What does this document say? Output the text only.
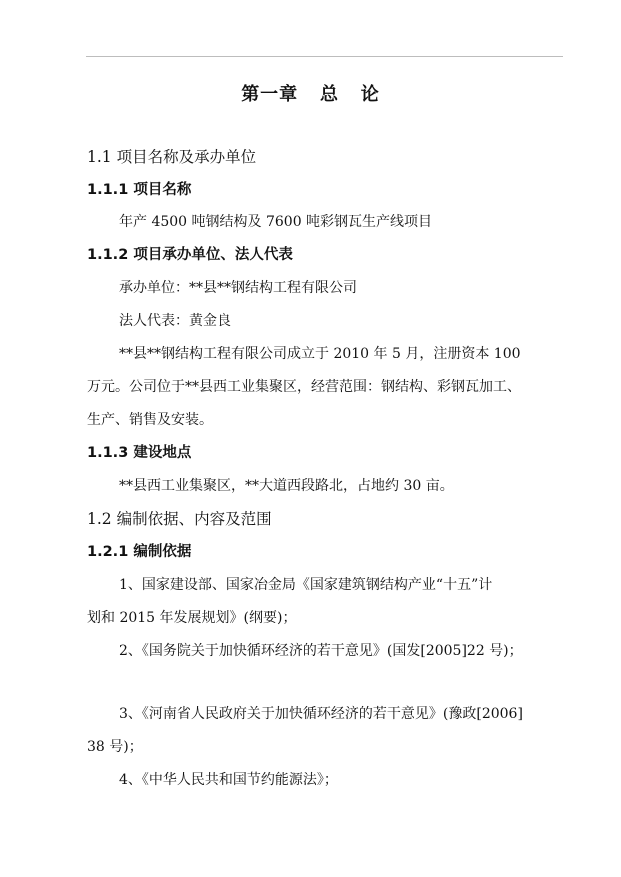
第一章   总   论
1.1 项目名称及承办单位
1.1.1 项目名称
年产 4500 吨钢结构及 7600 吨彩钢瓦生产线项目
1.1.2 项目承办单位、法人代表
承办单位：**县**钢结构工程有限公司
法人代表：黄金良
**县**钢结构工程有限公司成立于 2010 年 5 月，注册资本 100
万元。公司位于**县西工业集聚区，经营范围：钢结构、彩钢瓦加工、
生产、销售及安装。
1.1.3 建设地点
**县西工业集聚区，**大道西段路北，占地约 30 亩。
1.2 编制依据、内容及范围
1.2.1 编制依据
1、国家建设部、国家冶金局《国家建筑钢结构产业“十五”计
划和 2015 年发展规划》(纲要)；
2、《国务院关于加快循环经济的若干意见》(国发[2005]22 号)；
3、《河南省人民政府关于加快循环经济的若干意见》(豫政[2006]
38 号)；
4、《中华人民共和国节约能源法》；
